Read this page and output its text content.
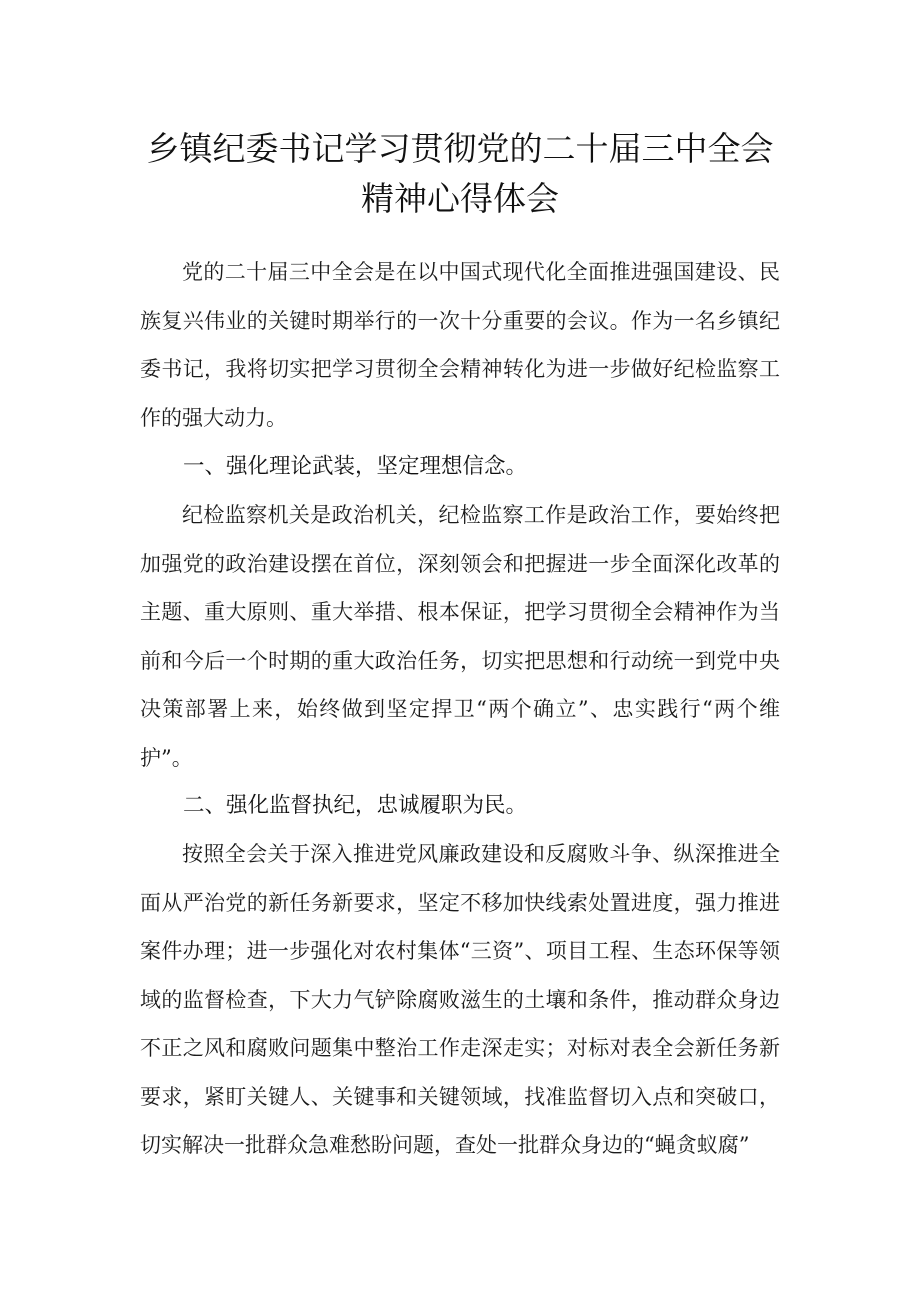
乡镇纪委书记学习贯彻党的二十届三中全会精神心得体会

党的二十届三中全会是在以中国式现代化全面推进强国建设、民族复兴伟业的关键时期举行的一次十分重要的会议。作为一名乡镇纪委书记，我将切实把学习贯彻全会精神转化为进一步做好纪检监察工作的强大动力。

一、强化理论武装，坚定理想信念。

纪检监察机关是政治机关，纪检监察工作是政治工作，要始终把加强党的政治建设摆在首位，深刻领会和把握进一步全面深化改革的主题、重大原则、重大举措、根本保证，把学习贯彻全会精神作为当前和今后一个时期的重大政治任务，切实把思想和行动统一到党中央决策部署上来，始终做到坚定捍卫“两个确立”、忠实践行“两个维护”。

二、强化监督执纪，忠诚履职为民。

按照全会关于深入推进党风廉政建设和反腐败斗争、纵深推进全面从严治党的新任务新要求，坚定不移加快线索处置进度，强力推进案件办理；进一步强化对农村集体“三资”、项目工程、生态环保等领域的监督检查，下大力气铲除腐败滋生的土壤和条件，推动群众身边不正之风和腐败问题集中整治工作走深走实；对标对表全会新任务新要求，紧盯关键人、关键事和关键领域，找准监督切入点和突破口，切实解决一批群众急难愁盼问题，查处一批群众身边的“蝇贪蚁腐”
